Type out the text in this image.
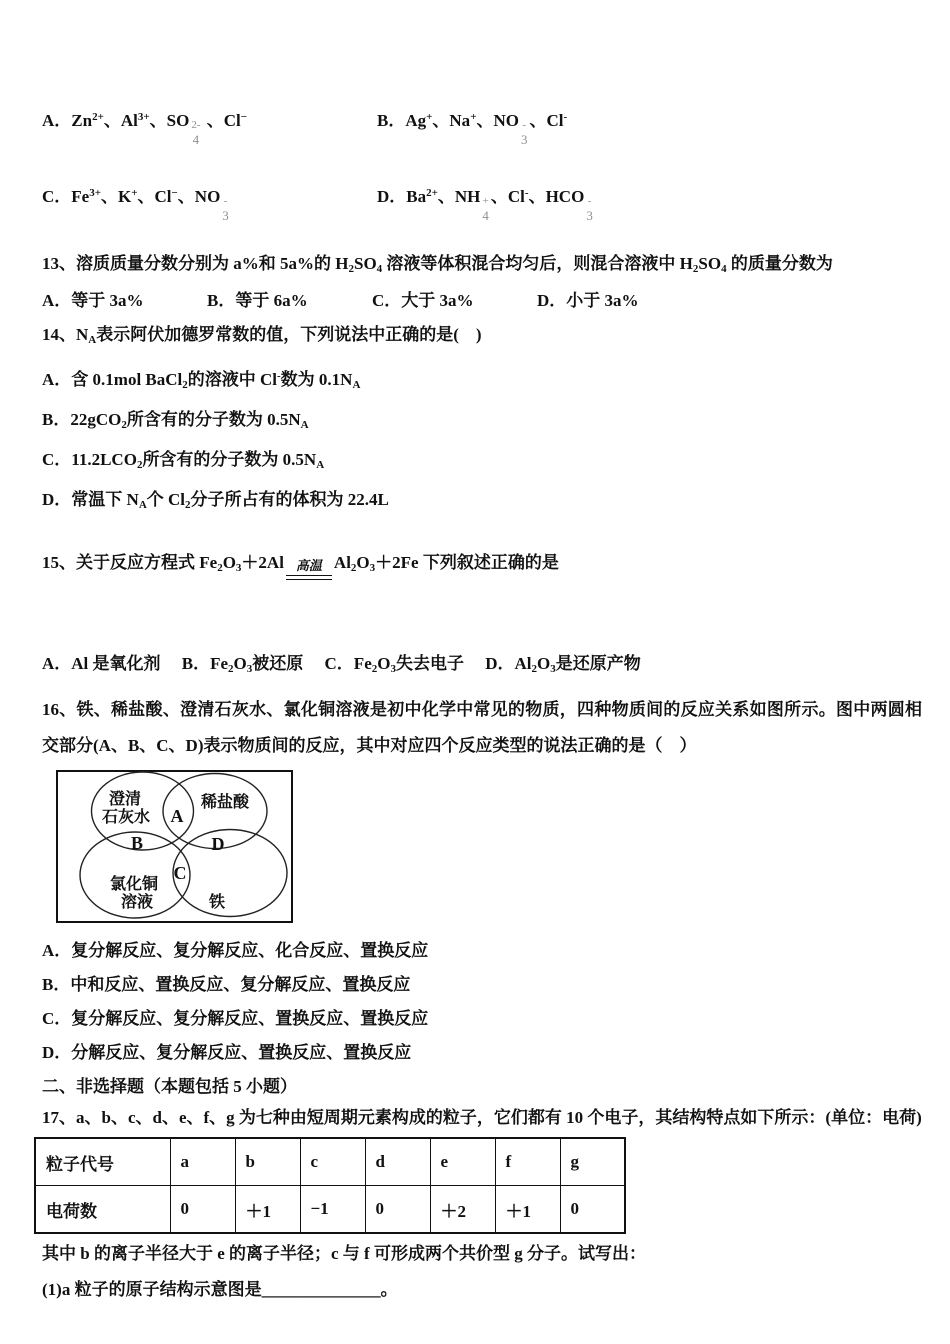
A．$Zn^{2+}$、$Al^{3+}$、SO 2-
4
、Cl−	B．Ag+、Na+、NO -
3
、Cl-
C．$Fe^{3+}$、K+、Cl−、NO -
3
D．$Ba^{2+}$、NH +
4
、Cl-、HCO -
3
13、溶质质量分数分别为 a%和 5a%的 $H_2SO_4$ 溶液等体积混合均匀后，则混合溶液中 $H_2SO_4$ 的质量分数为
A．等于 3a%	B．等于 6a%	C．大于 3a%	D．小于 3a%
14、$N_A$表示阿伏加德罗常数的值，下列说法中正确的是(　)
A．含 0.1mol BaCl$_2$的溶液中 Cl-数为 $0.1N_A$
B．22gCO$_2$所含有的分子数为 $0.5N_A$
C．$11.2LCO_2$所含有的分子数为 $0.5N_A$
D．常温下 $N_A$个 $Cl_2$分子所占有的体积为 22.4L
15、关于反应方程式 $Fe_2O_3+2Al$ 高温 $Al_2O_3+2Fe$ 下列叙述正确的是
A．Al 是氧化剂　 B．$Fe_2O_3$被还原　 C．$Fe_2O_3$失去电子　 D．$Al_2O_3$是还原产物
16、铁、稀盐酸、澄清石灰水、氯化铜溶液是初中化学中常见的物质，四种物质间的反应关系如图所示。图中两圆相交部分(A、B、C、D)表示物质间的反应，其中对应四个反应类型的说法正确的是（　）
澄清
石灰水
稀盐酸
A
B	D
C
氯化铜
溶液	铁
A．复分解反应、复分解反应、化合反应、置换反应
B．中和反应、置换反应、复分解反应、置换反应
C．复分解反应、复分解反应、置换反应、置换反应
D．分解反应、复分解反应、置换反应、置换反应
二、非选择题（本题包括 5 小题）
17、a、b、c、d、e、f、g 为七种由短周期元素构成的粒子，它们都有 10 个电子，其结构特点如下所示：(单位：电荷)
粒子代号	a	b	c	d	e	f	g
电荷数	0	＋1	−1	0	＋2	＋1	0
其中 b 的离子半径大于 e 的离子半径；c 与 f 可形成两个共价型 g 分子。试写出：
(1)a 粒子的原子结构示意图是______________。
